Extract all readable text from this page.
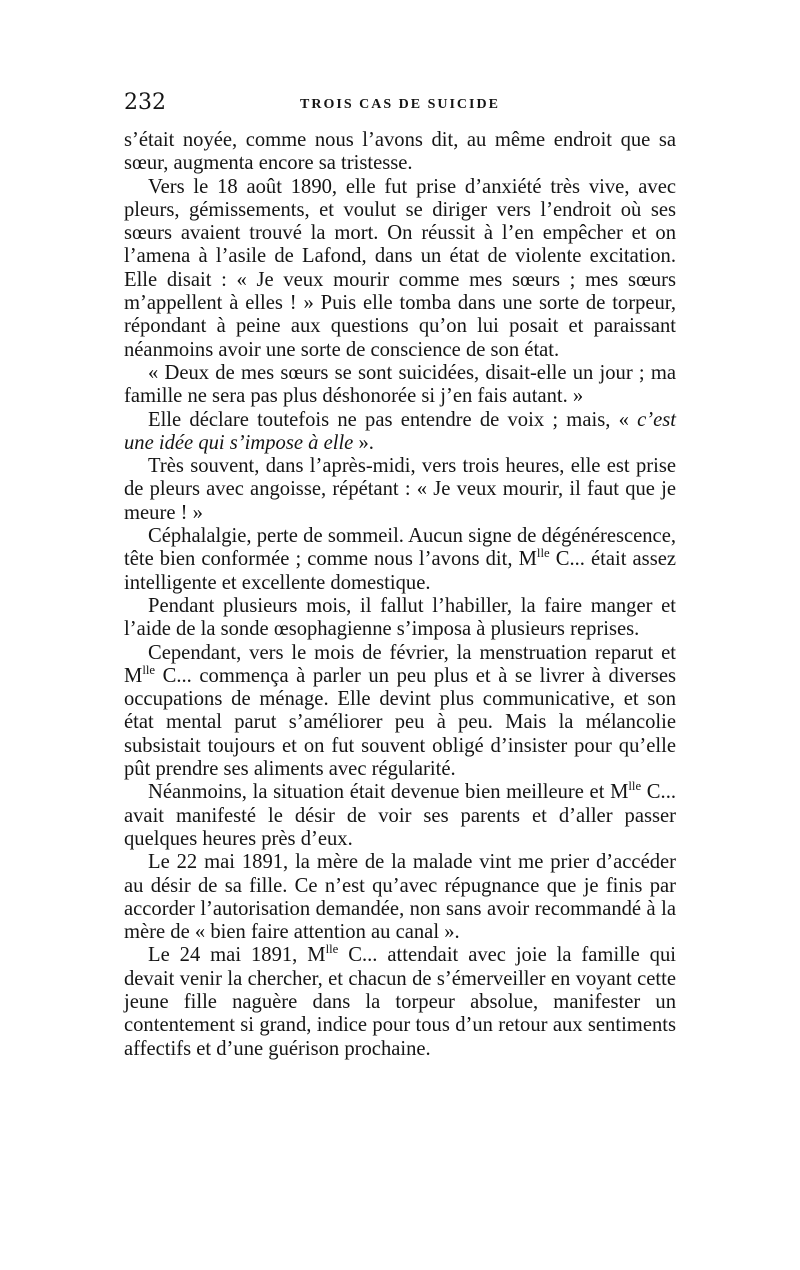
232	TROIS CAS DE SUICIDE

s’était noyée, comme nous l’avons dit, au même endroit que sa sœur, augmenta encore sa tristesse.

Vers le 18 août 1890, elle fut prise d’anxiété très vive, avec pleurs, gémissements, et voulut se diriger vers l’endroit où ses sœurs avaient trouvé la mort. On réussit à l’en empêcher et on l’amena à l’asile de Lafond, dans un état de violente excitation. Elle disait : « Je veux mourir comme mes sœurs ; mes sœurs m’appellent à elles ! » Puis elle tomba dans une sorte de torpeur, répondant à peine aux questions qu’on lui posait et paraissant néanmoins avoir une sorte de conscience de son état.

« Deux de mes sœurs se sont suicidées, disait-elle un jour ; ma famille ne sera pas plus déshonorée si j’en fais autant. »

Elle déclare toutefois ne pas entendre de voix ; mais, « c’est une idée qui s’impose à elle ».

Très souvent, dans l’après-midi, vers trois heures, elle est prise de pleurs avec angoisse, répétant : « Je veux mourir, il faut que je meure ! »

Céphalalgie, perte de sommeil. Aucun signe de dégénérescence, tête bien conformée ; comme nous l’avons dit, $M^{lle}$ C... était assez intelligente et excellente domestique.

Pendant plusieurs mois, il fallut l’habiller, la faire manger et l’aide de la sonde œsophagienne s’imposa à plusieurs reprises.

Cependant, vers le mois de février, la menstruation reparut et $M^{lle}$ C... commença à parler un peu plus et à se livrer à diverses occupations de ménage. Elle devint plus communicative, et son état mental parut s’améliorer peu à peu. Mais la mélancolie subsistait toujours et on fut souvent obligé d’insister pour qu’elle pût prendre ses aliments avec régularité.

Néanmoins, la situation était devenue bien meilleure et $M^{lle}$ C... avait manifesté le désir de voir ses parents et d’aller passer quelques heures près d’eux.

Le 22 mai 1891, la mère de la malade vint me prier d’accéder au désir de sa fille. Ce n’est qu’avec répugnance que je finis par accorder l’autorisation demandée, non sans avoir recommandé à la mère de « bien faire attention au canal ».

Le 24 mai 1891, $M^{lle}$ C... attendait avec joie la famille qui devait venir la chercher, et chacun de s’émerveiller en voyant cette jeune fille naguère dans la torpeur absolue, manifester un contentement si grand, indice pour tous d’un retour aux sentiments affectifs et d’une guérison prochaine.
